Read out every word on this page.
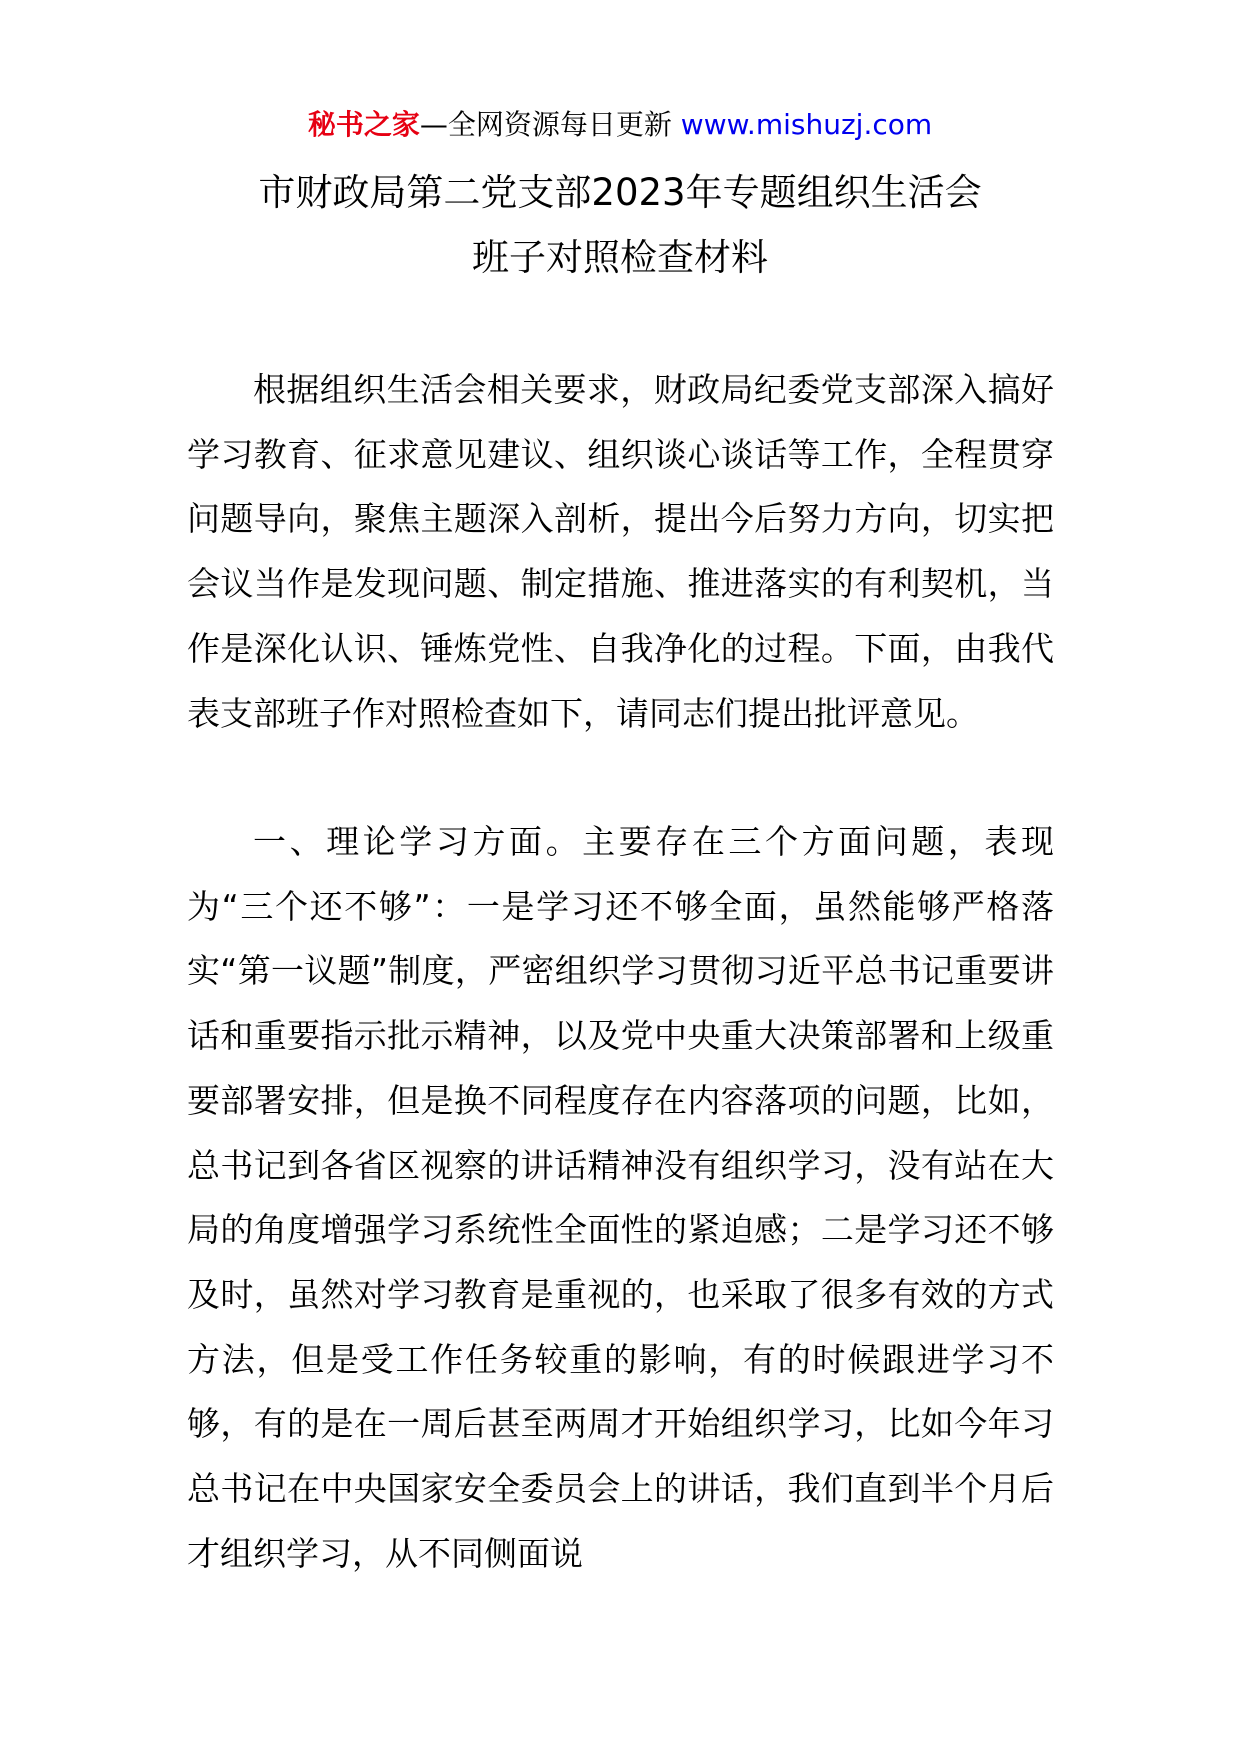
秘书之家—全网资源每日更新 www.mishuzj.com
市财政局第二党支部2023年专题组织生活会
班子对照检查材料

根据组织生活会相关要求，财政局纪委党支部深入搞好学习教育、征求意见建议、组织谈心谈话等工作，全程贯穿问题导向，聚焦主题深入剖析，提出今后努力方向，切实把会议当作是发现问题、制定措施、推进落实的有利契机，当作是深化认识、锤炼党性、自我净化的过程。下面，由我代表支部班子作对照检查如下，请同志们提出批评意见。

一、理论学习方面。主要存在三个方面问题，表现为“三个还不够”：一是学习还不够全面，虽然能够严格落实“第一议题”制度，严密组织学习贯彻习近平总书记重要讲话和重要指示批示精神，以及党中央重大决策部署和上级重要部署安排，但是换不同程度存在内容落项的问题，比如，总书记到各省区视察的讲话精神没有组织学习，没有站在大局的角度增强学习系统性全面性的紧迫感；二是学习还不够及时，虽然对学习教育是重视的，也采取了很多有效的方式方法，但是受工作任务较重的影响，有的时候跟进学习不够，有的是在一周后甚至两周才开始组织学习，比如今年习总书记在中央国家安全委员会上的讲话，我们直到半个月后才组织学习，从不同侧面说
